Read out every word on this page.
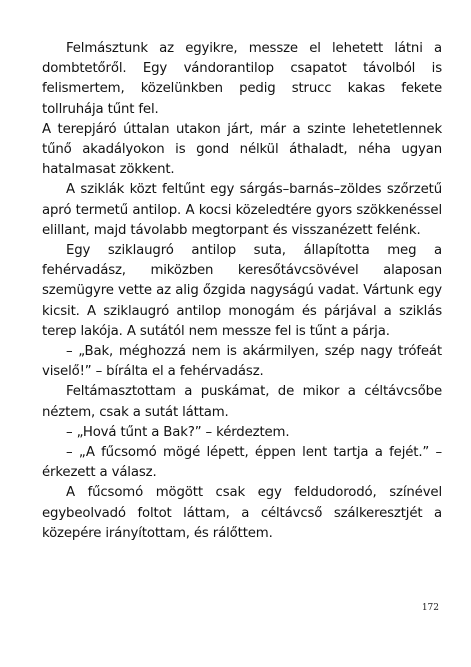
Felmásztunk az egyikre, messze el lehetett látni a dombtetőről. Egy vándorantilop csapatot távolból is felismertem, közelünkben pedig strucc kakas fekete tollruhája tűnt fel.

A terepjáró úttalan utakon járt, már a szinte lehetetlennek tűnő akadályokon is gond nélkül áthaladt, néha ugyan hatalmasat zökkent.

A sziklák közt feltűnt egy sárgás–barnás–zöldes szőrzetű apró termetű antilop. A kocsi közeledtére gyors szökkenéssel elillant, majd távolabb megtorpant és visszanézett felénk.

Egy sziklaugró antilop suta, állapította meg a fehérvadász, miközben keresőtávcsövével alaposan szemügyre vette az alig őzgida nagyságú vadat. Vártunk egy kicsit. A sziklaugró antilop monogám és párjával a sziklás terep lakója. A sutától nem messze fel is tűnt a párja.

– „Bak, méghozzá nem is akármilyen, szép nagy trófeát viselő!” – bírálta el a fehérvadász.

Feltámasztottam a puskámat, de mikor a céltávcsőbe néztem, csak a sutát láttam.

– „Hová tűnt a Bak?” – kérdeztem.

– „A fűcsomó mögé lépett, éppen lent tartja a fejét.” – érkezett a válasz.

A fűcsomó mögött csak egy feldudorodó, színével egybeolvadó foltot láttam, a céltávcső szálkeresztjét a közepére irányítottam, és rálőttem.

172
